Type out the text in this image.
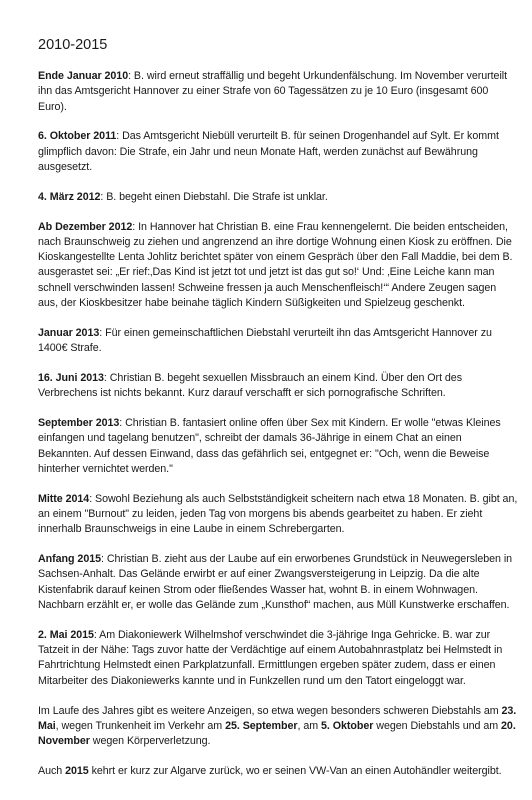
2010-2015

Ende Januar 2010: B. wird erneut straffällig und begeht Urkundenfälschung. Im November verurteilt ihn das Amtsgericht Hannover zu einer Strafe von 60 Tagessätzen zu je 10 Euro (insgesamt 600 Euro).

6. Oktober 2011: Das Amtsgericht Niebüll verurteilt B. für seinen Drogenhandel auf Sylt. Er kommt glimpflich davon: Die Strafe, ein Jahr und neun Monate Haft, werden zunächst auf Bewährung ausgesetzt.

4. März 2012: B. begeht einen Diebstahl. Die Strafe ist unklar.

Ab Dezember 2012: In Hannover hat Christian B. eine Frau kennengelernt. Die beiden entscheiden, nach Braunschweig zu ziehen und angrenzend an ihre dortige Wohnung einen Kiosk zu eröffnen. Die Kioskangestellte Lenta Johlitz berichtet später von einem Gespräch über den Fall Maddie, bei dem B. ausgerastet sei: „Er rief:‚Das Kind ist jetzt tot und jetzt ist das gut so!‘ Und: ‚Eine Leiche kann man schnell verschwinden lassen! Schweine fressen ja auch Menschenfleisch!‘“ Andere Zeugen sagen aus, der Kioskbesitzer habe beinahe täglich Kindern Süßigkeiten und Spielzeug geschenkt.

Januar 2013: Für einen gemeinschaftlichen Diebstahl verurteilt ihn das Amtsgericht Hannover zu 1400€ Strafe.

16. Juni 2013: Christian B. begeht sexuellen Missbrauch an einem Kind. Über den Ort des Verbrechens ist nichts bekannt. Kurz darauf verschafft er sich pornografische Schriften.

September 2013: Christian B. fantasiert online offen über Sex mit Kindern. Er wolle "etwas Kleines einfangen und tagelang benutzen", schreibt der damals 36-Jährige in einem Chat an einen Bekannten. Auf dessen Einwand, dass das gefährlich sei, entgegnet er: "Och, wenn die Beweise hinterher vernichtet werden."

Mitte 2014: Sowohl Beziehung als auch Selbstständigkeit scheitern nach etwa 18 Monaten. B. gibt an, an einem "Burnout" zu leiden, jeden Tag von morgens bis abends gearbeitet zu haben. Er zieht innerhalb Braunschweigs in eine Laube in einem Schrebergarten.

Anfang 2015: Christian B. zieht aus der Laube auf ein erworbenes Grundstück in Neuwegersleben in Sachsen-Anhalt. Das Gelände erwirbt er auf einer Zwangsversteigerung in Leipzig. Da die alte Kistenfabrik darauf keinen Strom oder fließendes Wasser hat, wohnt B. in einem Wohnwagen. Nachbarn erzählt er, er wolle das Gelände zum „Kunsthof“ machen, aus Müll Kunstwerke erschaffen.

2. Mai 2015: Am Diakoniewerk Wilhelmshof verschwindet die 3-jährige Inga Gehricke. B. war zur Tatzeit in der Nähe: Tags zuvor hatte der Verdächtige auf einem Autobahnrastplatz bei Helmstedt in Fahrtrichtung Helmstedt einen Parkplatzunfall. Ermittlungen ergeben später zudem, dass er einen Mitarbeiter des Diakoniewerks kannte und in Funkzellen rund um den Tatort eingeloggt war.

Im Laufe des Jahres gibt es weitere Anzeigen, so etwa wegen besonders schweren Diebstahls am 23. Mai, wegen Trunkenheit im Verkehr am 25. September, am 5. Oktober wegen Diebstahls und am 20. November wegen Körperverletzung.

Auch 2015 kehrt er kurz zur Algarve zurück, wo er seinen VW-Van an einen Autohändler weitergibt.
